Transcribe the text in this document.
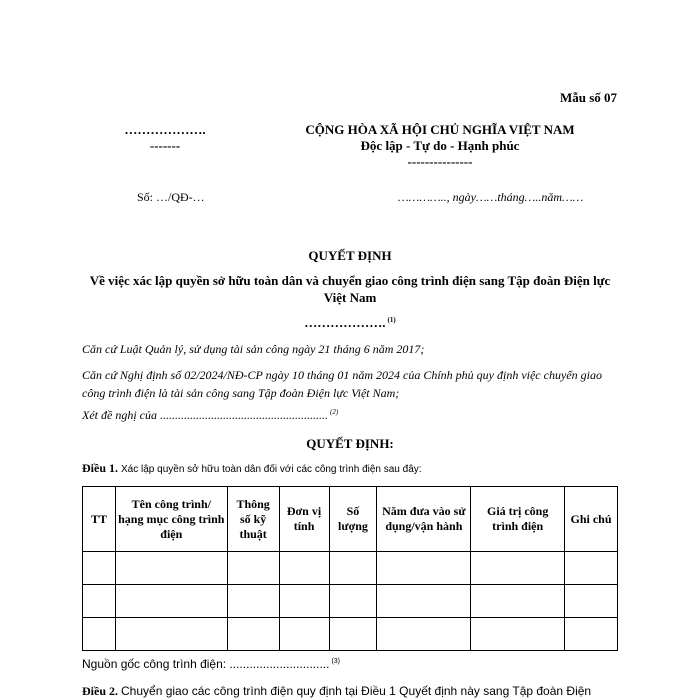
Mẫu số 07
……………….
-------
CỘNG HÒA XÃ HỘI CHỦ NGHĨA VIỆT NAM
Độc lập - Tự do - Hạnh phúc
---------------
Số: …/QĐ-…	………….., ngày……tháng…..năm……
QUYẾT ĐỊNH
Về việc xác lập quyền sở hữu toàn dân và chuyển giao công trình điện sang Tập đoàn Điện lực Việt Nam
………………. $^{(1)}$
Căn cứ Luật Quản lý, sử dụng tài sản công ngày 21 tháng 6 năm 2017;
Căn cứ Nghị định số 02/2024/NĐ-CP ngày 10 tháng 01 năm 2024 của Chính phủ quy định việc chuyển giao công trình điện là tài sản công sang Tập đoàn Điện lực Việt Nam;
Xét đề nghị của ........................................................ $^{(2)}$
QUYẾT ĐỊNH:
Điều 1. Xác lập quyền sở hữu toàn dân đối với các công trình điện sau đây:
TT	Tên công trình/ hạng mục công trình điện	Thông số kỹ thuật	Đơn vị tính	Số lượng	Năm đưa vào sử dụng/vận hành	Giá trị công trình điện	Ghi chú

Nguồn gốc công trình điện: .............................. $^{(3)}$
Điều 2. Chuyển giao các công trình điện quy định tại Điều 1 Quyết định này sang Tập đoàn Điện
